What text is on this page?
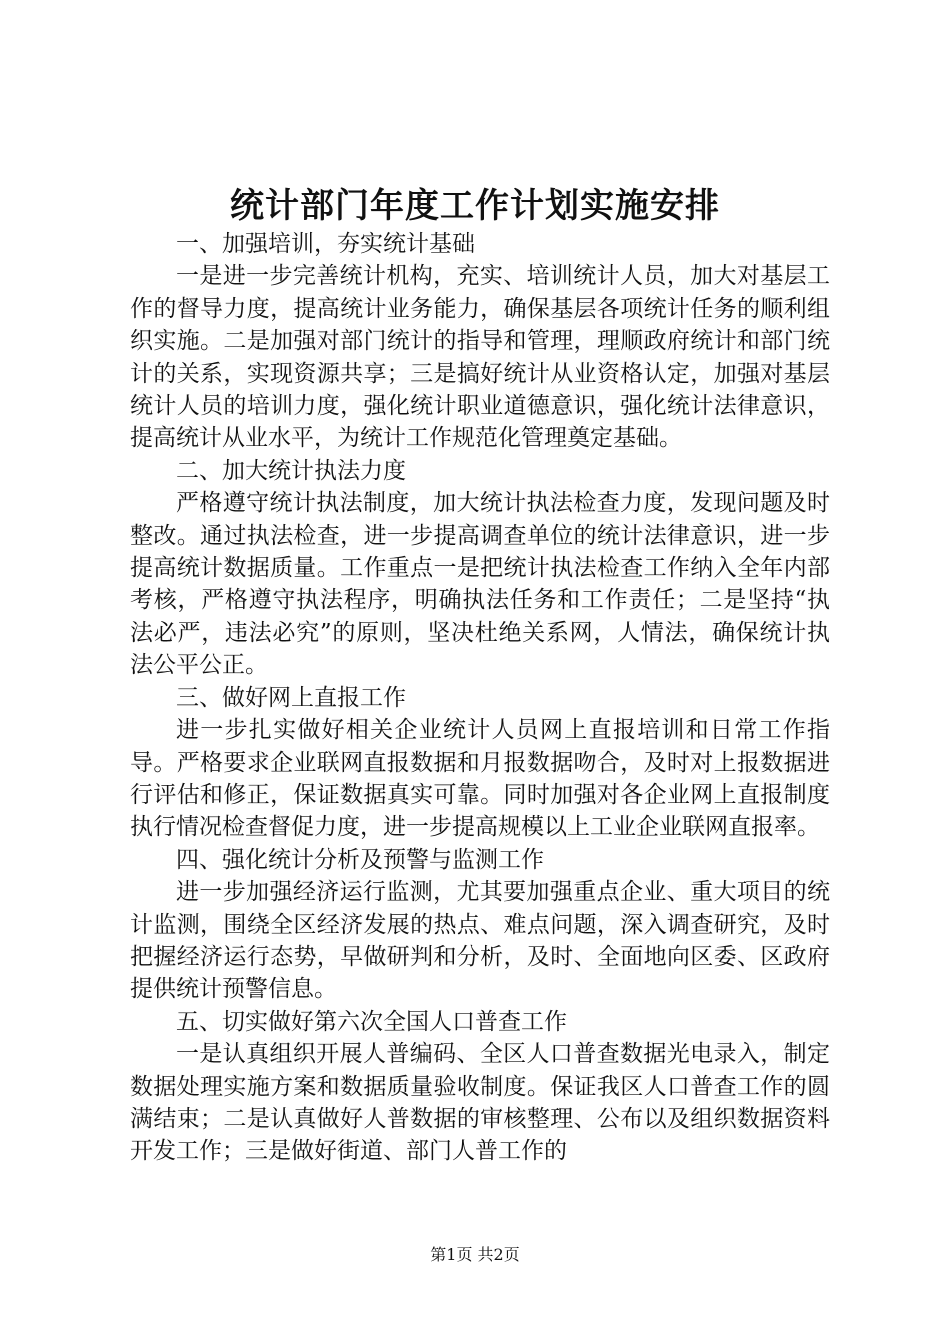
统计部门年度工作计划实施安排

一、加强培训，夯实统计基础

一是进一步完善统计机构，充实、培训统计人员，加大对基层工作的督导力度，提高统计业务能力，确保基层各项统计任务的顺利组织实施。二是加强对部门统计的指导和管理，理顺政府统计和部门统计的关系，实现资源共享；三是搞好统计从业资格认定，加强对基层统计人员的培训力度，强化统计职业道德意识，强化统计法律意识，提高统计从业水平，为统计工作规范化管理奠定基础。

二、加大统计执法力度

严格遵守统计执法制度，加大统计执法检查力度，发现问题及时整改。通过执法检查，进一步提高调查单位的统计法律意识，进一步提高统计数据质量。工作重点一是把统计执法检查工作纳入全年内部考核，严格遵守执法程序，明确执法任务和工作责任；二是坚持“执法必严，违法必究”的原则，坚决杜绝关系网，人情法，确保统计执法公平公正。

三、做好网上直报工作

进一步扎实做好相关企业统计人员网上直报培训和日常工作指导。严格要求企业联网直报数据和月报数据吻合，及时对上报数据进行评估和修正，保证数据真实可靠。同时加强对各企业网上直报制度执行情况检查督促力度，进一步提高规模以上工业企业联网直报率。

四、强化统计分析及预警与监测工作

进一步加强经济运行监测，尤其要加强重点企业、重大项目的统计监测，围绕全区经济发展的热点、难点问题，深入调查研究，及时把握经济运行态势，早做研判和分析，及时、全面地向区委、区政府提供统计预警信息。

五、切实做好第六次全国人口普查工作

一是认真组织开展人普编码、全区人口普查数据光电录入，制定数据处理实施方案和数据质量验收制度。保证我区人口普查工作的圆满结束；二是认真做好人普数据的审核整理、公布以及组织数据资料开发工作；三是做好街道、部门人普工作的

第1页 共2页
